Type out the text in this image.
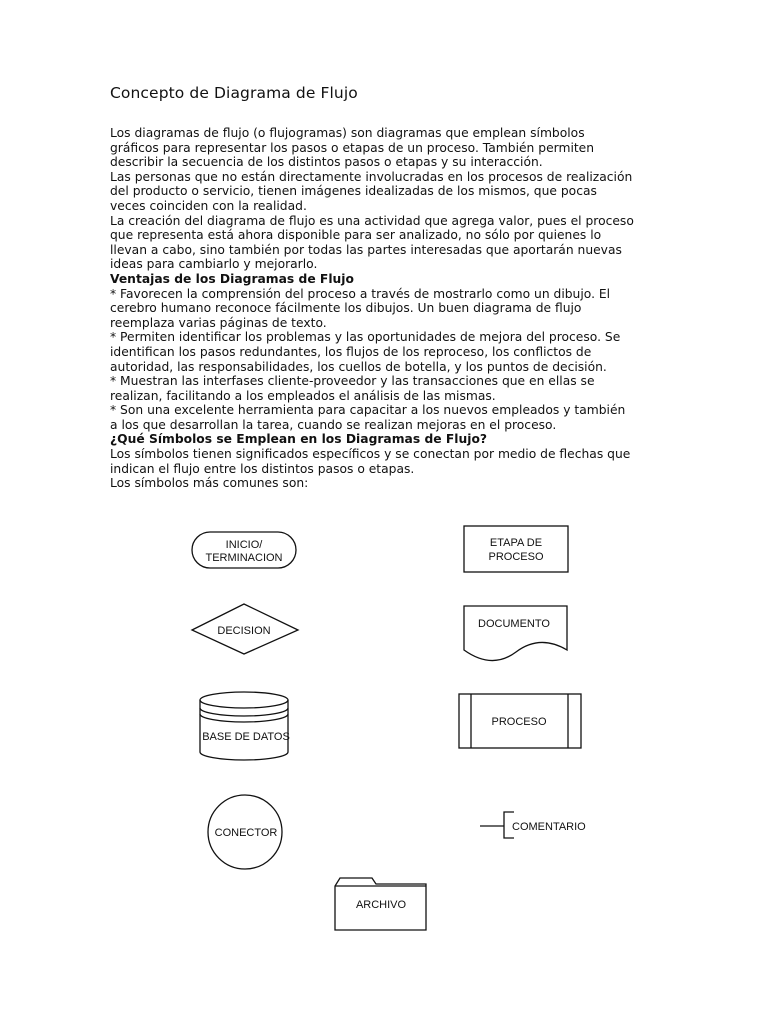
Concepto de Diagrama de Flujo

Los diagramas de flujo (o flujogramas) son diagramas que emplean símbolos

gráficos para representar los pasos o etapas de un proceso. También permiten

describir la secuencia de los distintos pasos o etapas y su interacción.

Las personas que no están directamente involucradas en los procesos de realización

del producto o servicio, tienen imágenes idealizadas de los mismos, que pocas

veces coinciden con la realidad.

La creación del diagrama de flujo es una actividad que agrega valor, pues el proceso

que representa está ahora disponible para ser analizado, no sólo por quienes lo

llevan a cabo, sino también por todas las partes interesadas que aportarán nuevas

ideas para cambiarlo y mejorarlo.

Ventajas de los Diagramas de Flujo

* Favorecen la comprensión del proceso a través de mostrarlo como un dibujo. El

cerebro humano reconoce fácilmente los dibujos. Un buen diagrama de flujo

reemplaza varias páginas de texto.

* Permiten identificar los problemas y las oportunidades de mejora del proceso. Se

identifican los pasos redundantes, los flujos de los reproceso, los conflictos de

autoridad, las responsabilidades, los cuellos de botella, y los puntos de decisión.

* Muestran las interfases cliente-proveedor y las transacciones que en ellas se

realizan, facilitando a los empleados el análisis de las mismas.

* Son una excelente herramienta para capacitar a los nuevos empleados y también

a los que desarrollan la tarea, cuando se realizan mejoras en el proceso.

¿Qué Símbolos se Emplean en los Diagramas de Flujo?

Los símbolos tienen significados específicos y se conectan por medio de flechas que

indican el flujo entre los distintos pasos o etapas.

Los símbolos más comunes son:

INICIO/
TERMINACION
ETAPA DE
PROCESO
DECISION
DOCUMENTO
BASE DE DATOS
PROCESO
CONECTOR	COMENTARIO
ARCHIVO
